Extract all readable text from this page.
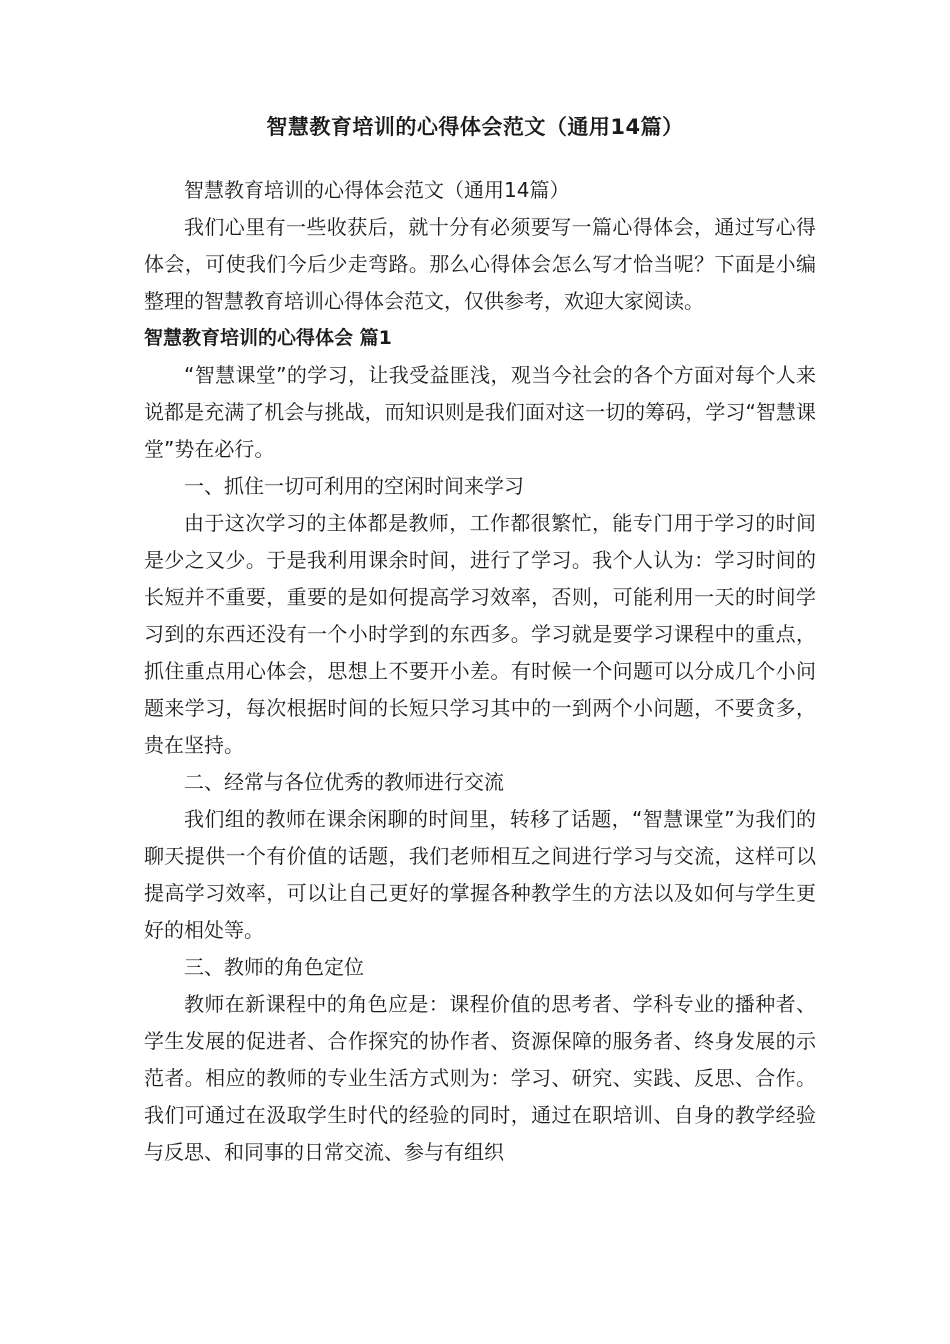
智慧教育培训的心得体会范文（通用14篇）

智慧教育培训的心得体会范文（通用14篇）

我们心里有一些收获后，就十分有必须要写一篇心得体会，通过写心得体会，可使我们今后少走弯路。那么心得体会怎么写才恰当呢？下面是小编整理的智慧教育培训心得体会范文，仅供参考，欢迎大家阅读。

智慧教育培训的心得体会 篇1

“智慧课堂”的学习，让我受益匪浅，观当今社会的各个方面对每个人来说都是充满了机会与挑战，而知识则是我们面对这一切的筹码，学习“智慧课堂”势在必行。

一、抓住一切可利用的空闲时间来学习

由于这次学习的主体都是教师，工作都很繁忙，能专门用于学习的时间是少之又少。于是我利用课余时间，进行了学习。我个人认为：学习时间的长短并不重要，重要的是如何提高学习效率，否则，可能利用一天的时间学习到的东西还没有一个小时学到的东西多。学习就是要学习课程中的重点，抓住重点用心体会，思想上不要开小差。有时候一个问题可以分成几个小问题来学习，每次根据时间的长短只学习其中的一到两个小问题，不要贪多，贵在坚持。

二、经常与各位优秀的教师进行交流

我们组的教师在课余闲聊的时间里，转移了话题，“智慧课堂”为我们的聊天提供一个有价值的话题，我们老师相互之间进行学习与交流，这样可以提高学习效率，可以让自己更好的掌握各种教学生的方法以及如何与学生更好的相处等。

三、教师的角色定位

教师在新课程中的角色应是：课程价值的思考者、学科专业的播种者、学生发展的促进者、合作探究的协作者、资源保障的服务者、终身发展的示范者。相应的教师的专业生活方式则为：学习、研究、实践、反思、合作。我们可通过在汲取学生时代的经验的同时，通过在职培训、自身的教学经验与反思、和同事的日常交流、参与有组织
